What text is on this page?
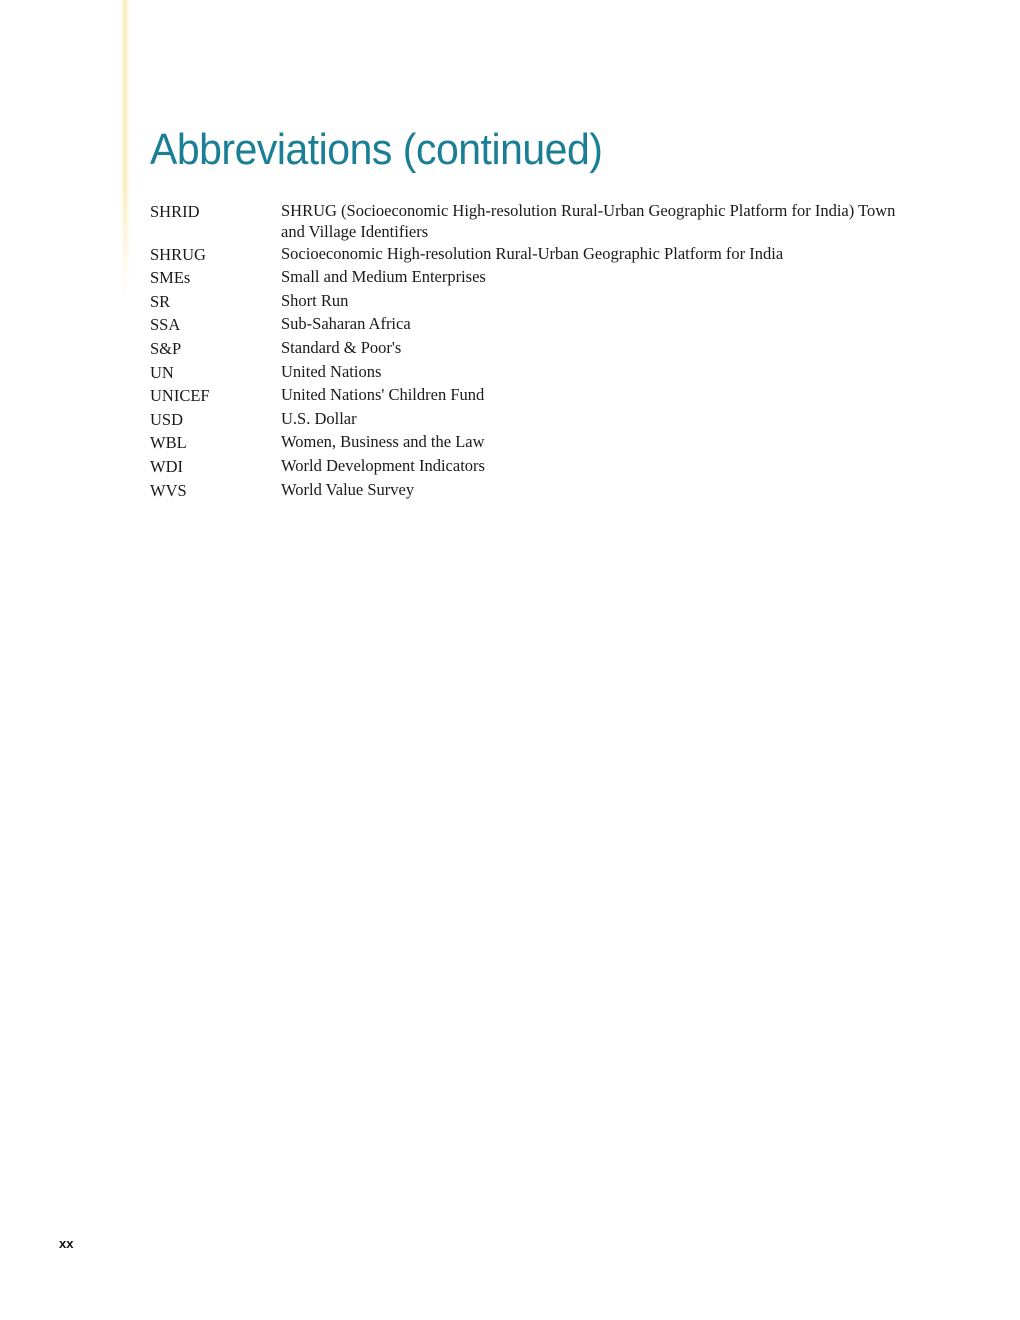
Abbreviations (continued)
SHRID	SHRUG (Socioeconomic High-resolution Rural-Urban Geographic Platform for India) Town and Village Identifiers
SHRUG	Socioeconomic High-resolution Rural-Urban Geographic Platform for India
SMEs	Small and Medium Enterprises
SR	Short Run
SSA	Sub-Saharan Africa
S&P	Standard & Poor's
UN	United Nations
UNICEF	United Nations' Children Fund
USD	U.S. Dollar
WBL	Women, Business and the Law
WDI	World Development Indicators
WVS	World Value Survey
xx
